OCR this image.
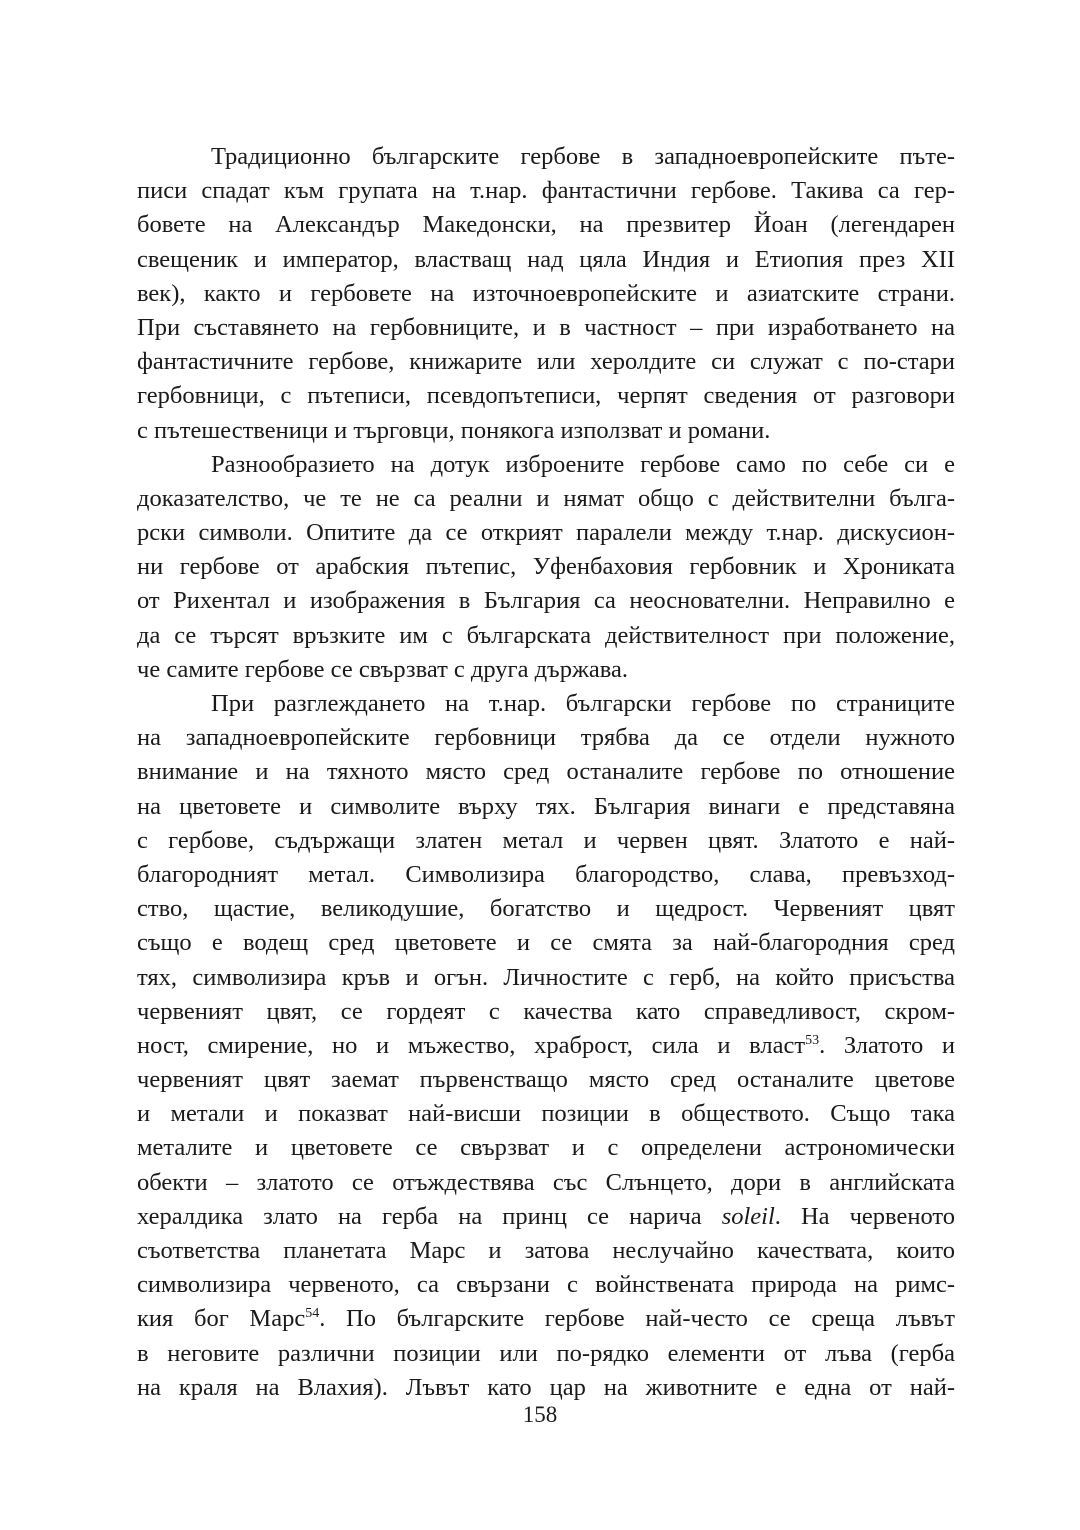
Традиционно българските гербове в западноевропейските пъте-
писи спадат към групата на т.нар. фантастични гербове. Такива са гер-
бовете на Александър Македонски, на презвитер Йоан (легендарен
свещеник и император, властващ над цяла Индия и Етиопия през XII
век), както и гербовете на източноевропейските и азиатските страни.
При съставянето на гербовниците, и в частност – при изработването на
фантастичните гербове, книжарите или херолдите си служат с по-стари
гербовници, с пътеписи, псевдопътеписи, черпят сведения от разговори
с пътешественици и търговци, понякога използват и романи.
Разнообразието на дотук изброените гербове само по себе си е
доказателство, че те не са реални и нямат общо с действителни бълга-
рски символи. Опитите да се открият паралели между т.нар. дискусион-
ни гербове от арабския пътепис, Уфенбаховия гербовник и Хрониката
от Рихентал и изображения в България са неоснователни. Неправилно е
да се търсят връзките им с българската действителност при положение,
че самите гербове се свързват с друга държава.
При разглеждането на т.нар. български гербове по страниците
на западноевропейските гербовници трябва да се отдели нужното
внимание и на тяхното място сред останалите гербове по отношение
на цветовете и символите върху тях. България винаги е представяна
с гербове, съдържащи златен метал и червен цвят. Златото е най-
благородният метал. Символизира благородство, слава, превъзход-
ство, щастие, великодушие, богатство и щедрост. Червеният цвят
също е водещ сред цветовете и се смята за най-благородния сред
тях, символизира кръв и огън. Личностите с герб, на който присъства
червеният цвят, се гордеят с качества като справедливост, скром-
ност, смирение, но и мъжество, храброст, сила и власт$^{53}$. Златото и
червеният цвят заемат първенстващо място сред останалите цветове
и метали и показват най-висши позиции в обществото. Също така
металите и цветовете се свързват и с определени астрономически
обекти – златото се отъждествява със Слънцето, дори в английската
хералдика злато на герба на принц се нарича soleil. На червеното
съответства планетата Марс и затова неслучайно качествата, които
символизира червеното, са свързани с войнствената природа на римс-
кия бог Марс$^{54}$. По българските гербове най-често се среща лъвът
в неговите различни позиции или по-рядко елементи от лъва (герба
на краля на Влахия). Лъвът като цар на животните е една от най-
158
